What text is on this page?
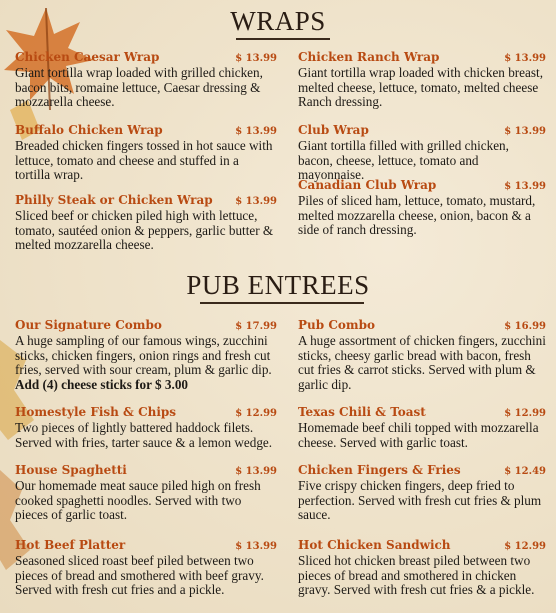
WRAPS
Chicken Caesar Wrap	$ 13.99
Giant tortilla wrap loaded with grilled chicken, bacon bits, romaine lettuce, Caesar dressing & mozzarella cheese.
Buffalo Chicken Wrap	$ 13.99
Breaded chicken fingers tossed in hot sauce with lettuce, tomato and cheese and stuffed in a tortilla wrap.
Philly Steak or Chicken Wrap $ 13.99
Sliced beef or chicken piled high with lettuce, tomato, sautéed onion & peppers, garlic butter & melted mozzarella cheese.
Chicken Ranch Wrap	$ 13.99
Giant tortilla wrap loaded with chicken breast, melted cheese, lettuce, tomato, melted cheese Ranch dressing.
Club Wrap	$ 13.99
Giant tortilla filled with grilled chicken, bacon, cheese, lettuce, tomato and mayonnaise.
Canadian Club Wrap	$ 13.99
Piles of sliced ham, lettuce, tomato, mustard, melted mozzarella cheese, onion, bacon & a side of ranch dressing.
PUB ENTREES
Our Signature Combo	$ 17.99
A huge sampling of our famous wings, zucchini sticks, chicken fingers, onion rings and fresh cut fries, served with sour cream, plum & garlic dip.
Add (4) cheese sticks for $ 3.00
Homestyle Fish & Chips	$ 12.99
Two pieces of lightly battered haddock filets. Served with fries, tarter sauce & a lemon wedge.
House Spaghetti	$ 13.99
Our homemade meat sauce piled high on fresh cooked spaghetti noodles. Served with two pieces of garlic toast.
Hot Beef Platter	$ 13.99
Seasoned sliced roast beef piled between two pieces of bread and smothered with beef gravy. Served with fresh cut fries and a pickle.
Pub Combo	$ 16.99
A huge assortment of chicken fingers, zucchini sticks, cheesy garlic bread with bacon, fresh cut fries & carrot sticks. Served with plum & garlic dip.
Texas Chili & Toast	$ 12.99
Homemade beef chili topped with mozzarella cheese. Served with garlic toast.
Chicken Fingers & Fries	$ 12.49
Five crispy chicken fingers, deep fried to perfection. Served with fresh cut fries & plum sauce.
Hot Chicken Sandwich	$ 12.99
Sliced hot chicken breast piled between two pieces of bread and smothered in chicken gravy. Served with fresh cut fries & a pickle.
